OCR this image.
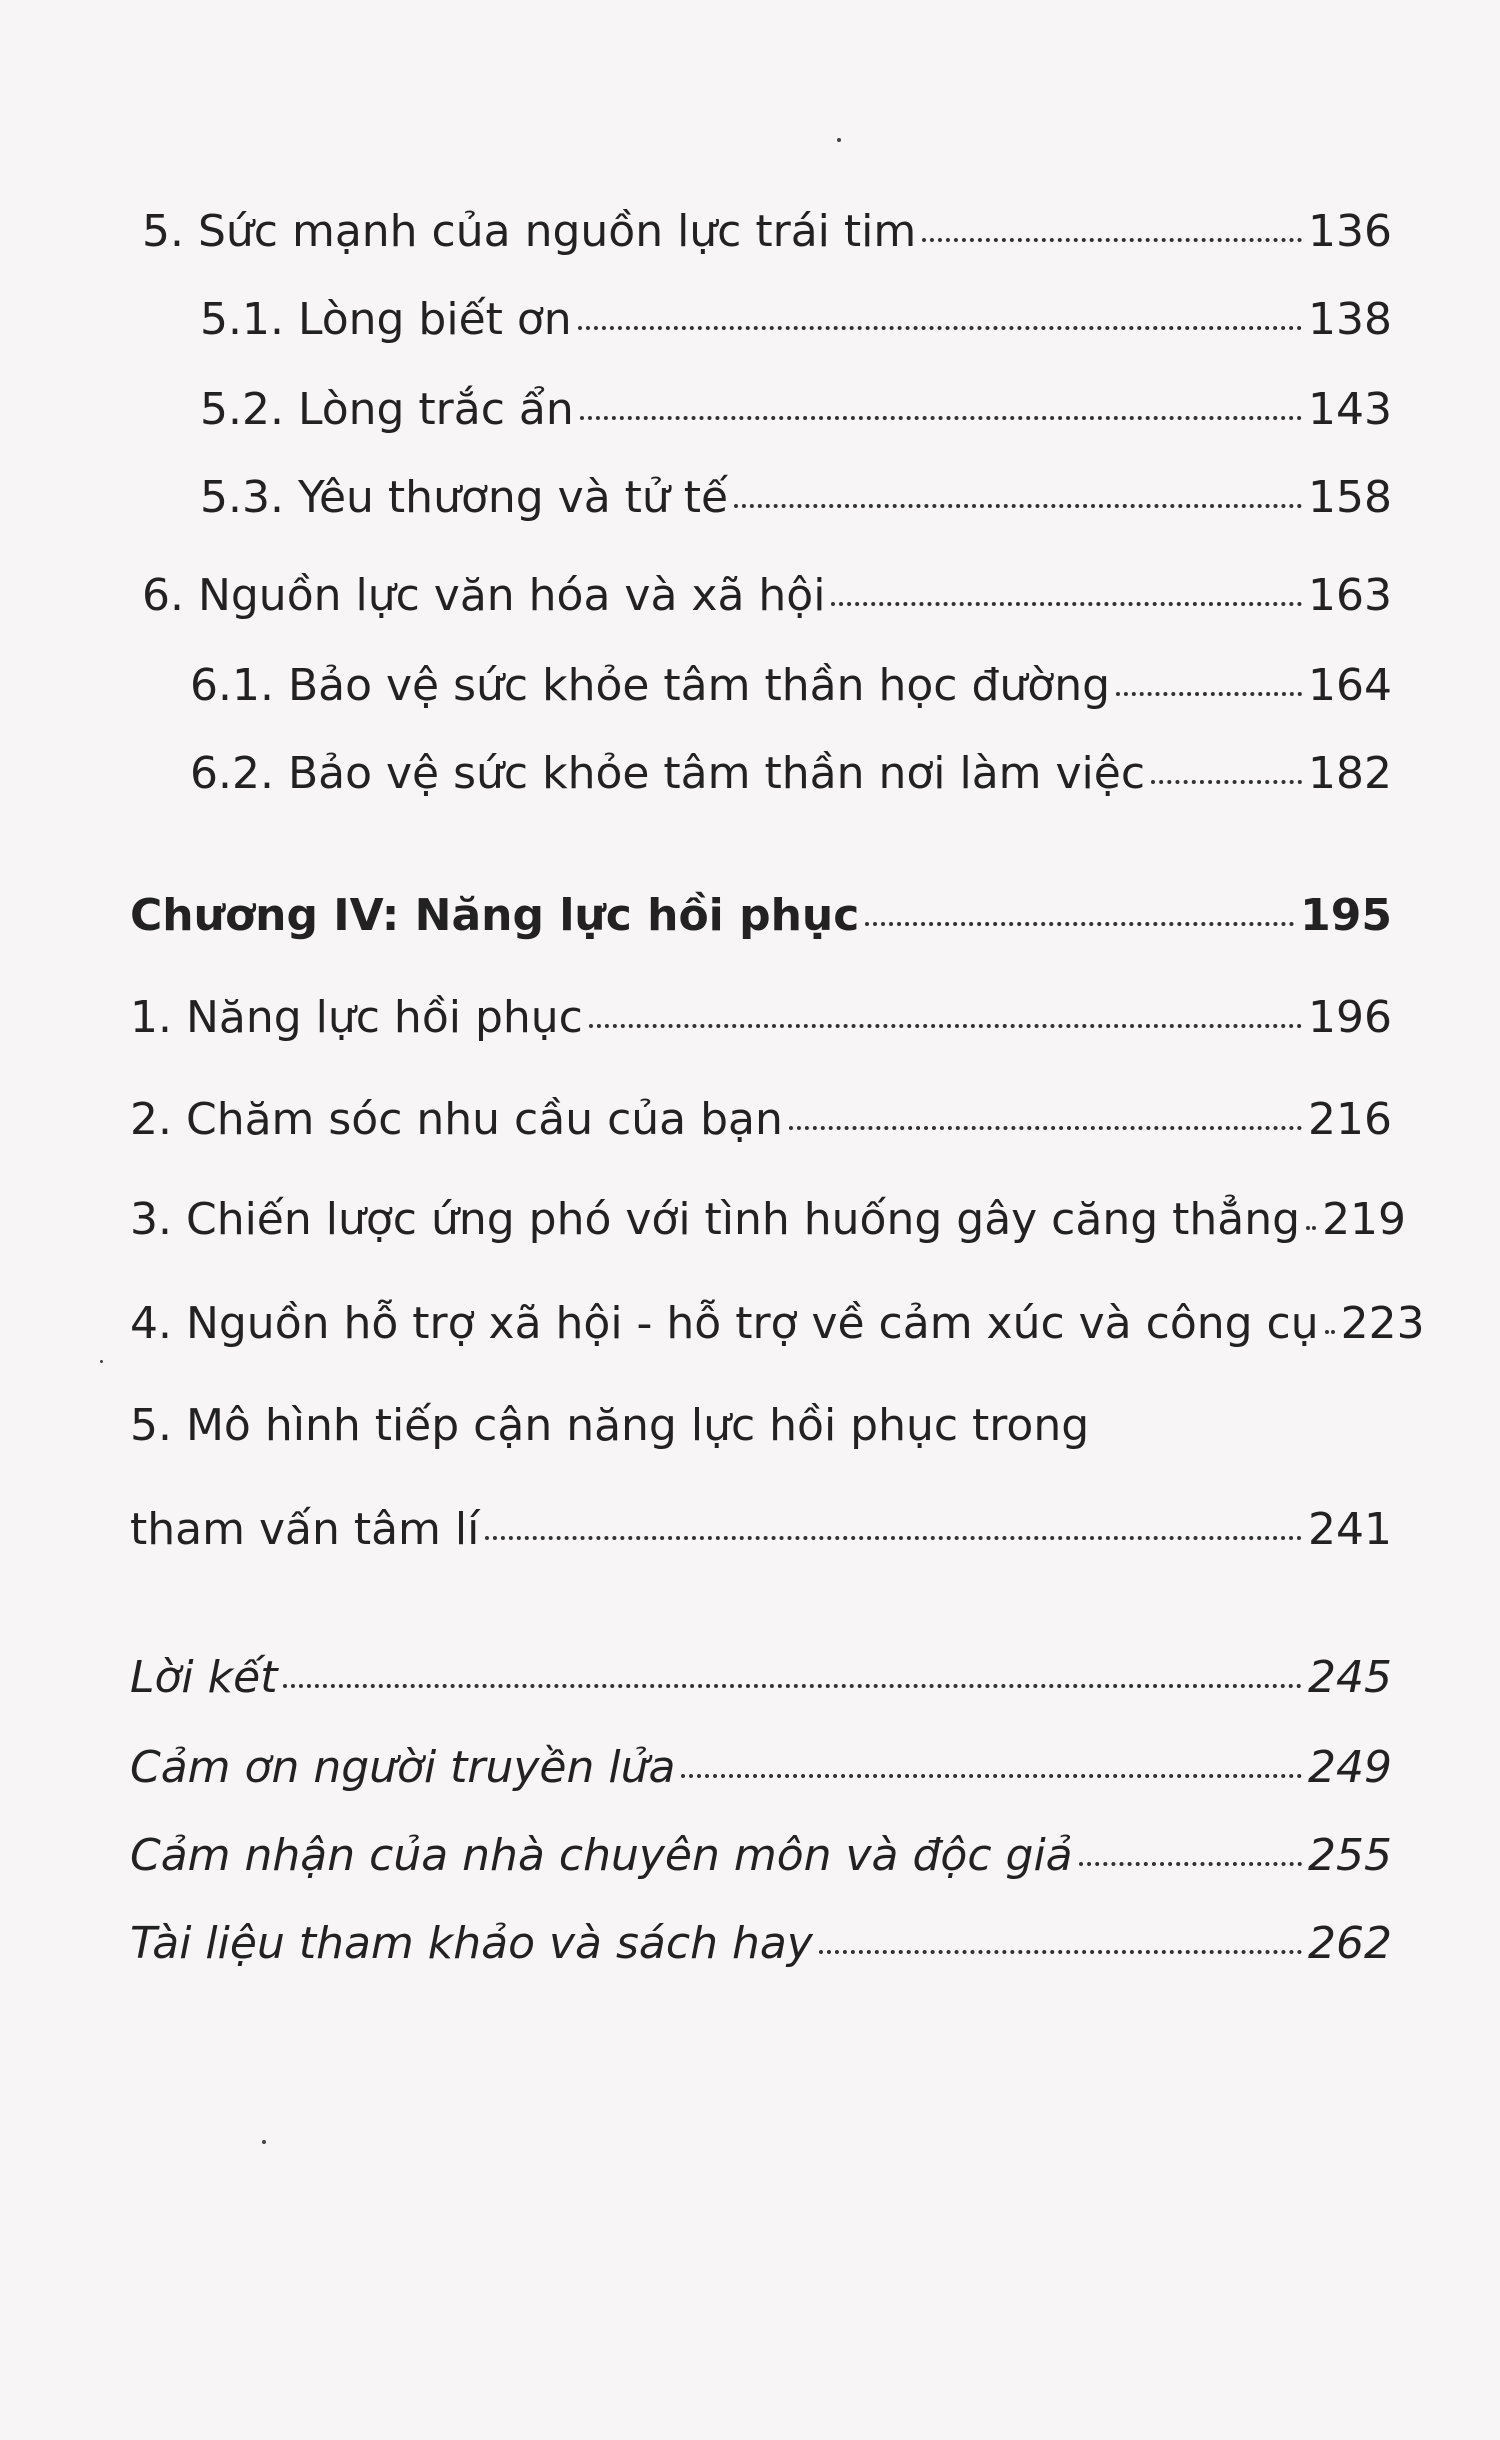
5. Sức mạnh của nguồn lực trái tim	136
5.1. Lòng biết ơn	138
5.2. Lòng trắc ẩn	143
5.3. Yêu thương và tử tế	158
6. Nguồn lực văn hóa và xã hội	163
6.1. Bảo vệ sức khỏe tâm thần học đường	164
6.2. Bảo vệ sức khỏe tâm thần nơi làm việc	182
Chương IV: Năng lực hồi phục	195
1. Năng lực hồi phục	196
2. Chăm sóc nhu cầu của bạn	216
3. Chiến lược ứng phó với tình huống gây căng thẳng 219
4. Nguồn hỗ trợ xã hội - hỗ trợ về cảm xúc và công cụ 223
5. Mô hình tiếp cận năng lực hồi phục trong
tham vấn tâm lí	241
Lời kết	245
Cảm ơn người truyền lửa	249
Cảm nhận của nhà chuyên môn và độc giả	255
Tài liệu tham khảo và sách hay	262
